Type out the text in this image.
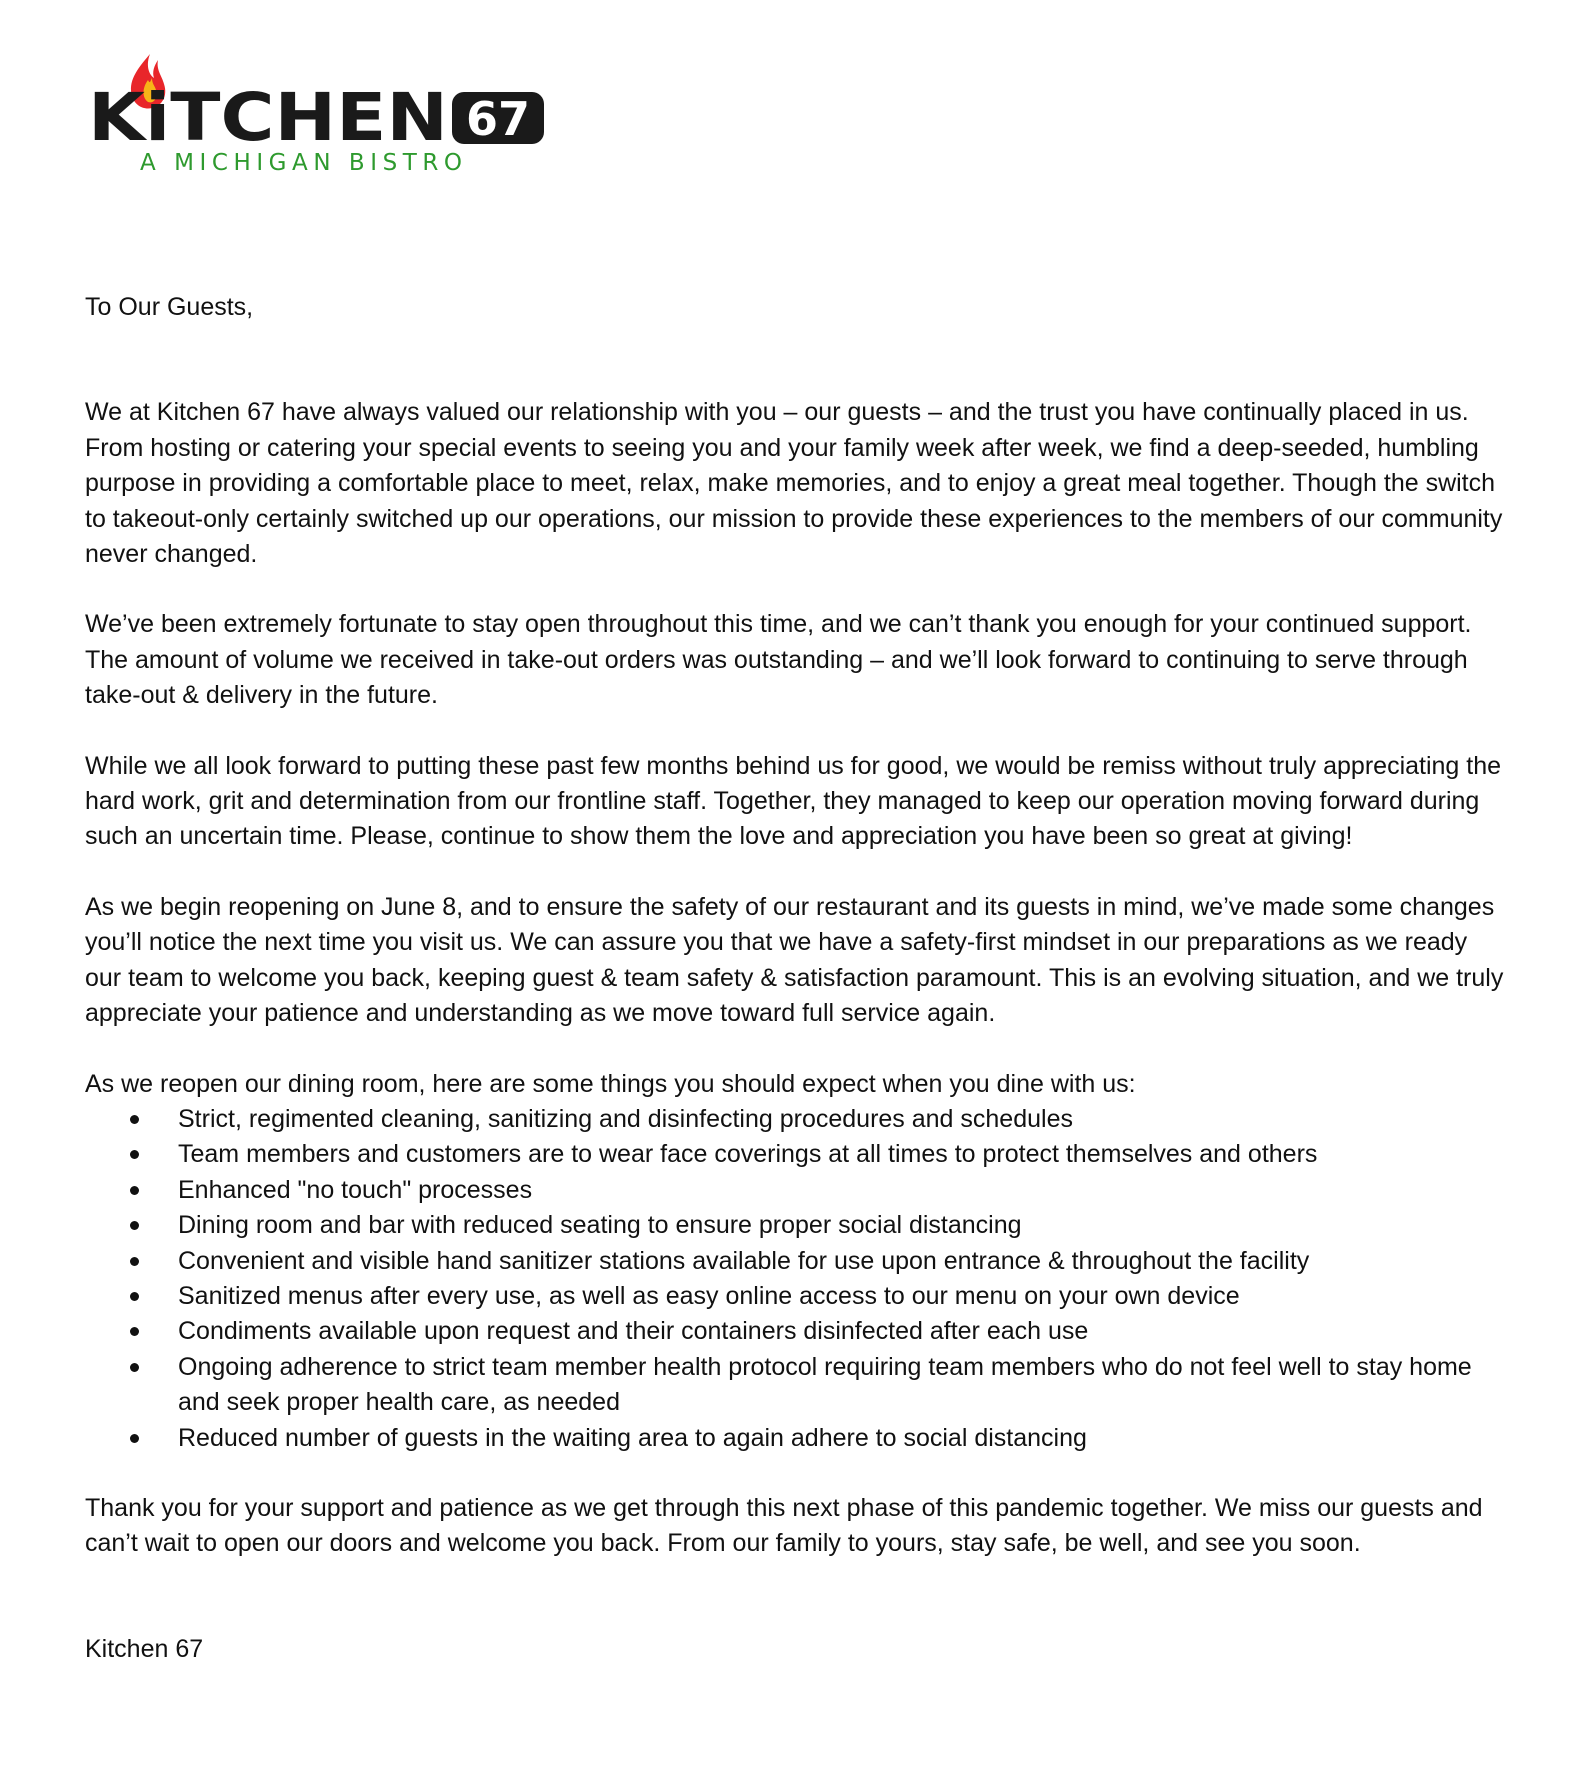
KiTCHEN 67
A MICHIGAN BISTRO

To Our Guests,

We at Kitchen 67 have always valued our relationship with you – our guests – and the trust you have continually placed in us. From hosting or catering your special events to seeing you and your family week after week, we find a deep-seeded, humbling purpose in providing a comfortable place to meet, relax, make memories, and to enjoy a great meal together. Though the switch to takeout-only certainly switched up our operations, our mission to provide these experiences to the members of our community never changed.

We’ve been extremely fortunate to stay open throughout this time, and we can’t thank you enough for your continued support. The amount of volume we received in take-out orders was outstanding – and we’ll look forward to continuing to serve through take-out & delivery in the future.

While we all look forward to putting these past few months behind us for good, we would be remiss without truly appreciating the hard work, grit and determination from our frontline staff. Together, they managed to keep our operation moving forward during such an uncertain time. Please, continue to show them the love and appreciation you have been so great at giving!

As we begin reopening on June 8, and to ensure the safety of our restaurant and its guests in mind, we’ve made some changes you’ll notice the next time you visit us. We can assure you that we have a safety-first mindset in our preparations as we ready our team to welcome you back, keeping guest & team safety & satisfaction paramount. This is an evolving situation, and we truly appreciate your patience and understanding as we move toward full service again.

As we reopen our dining room, here are some things you should expect when you dine with us:

Strict, regimented cleaning, sanitizing and disinfecting procedures and schedules
Team members and customers are to wear face coverings at all times to protect themselves and others
Enhanced "no touch" processes
Dining room and bar with reduced seating to ensure proper social distancing
Convenient and visible hand sanitizer stations available for use upon entrance & throughout the facility
Sanitized menus after every use, as well as easy online access to our menu on your own device
Condiments available upon request and their containers disinfected after each use
Ongoing adherence to strict team member health protocol requiring team members who do not feel well to stay home and seek proper health care, as needed
Reduced number of guests in the waiting area to again adhere to social distancing

Thank you for your support and patience as we get through this next phase of this pandemic together. We miss our guests and can’t wait to open our doors and welcome you back. From our family to yours, stay safe, be well, and see you soon.

Kitchen 67
